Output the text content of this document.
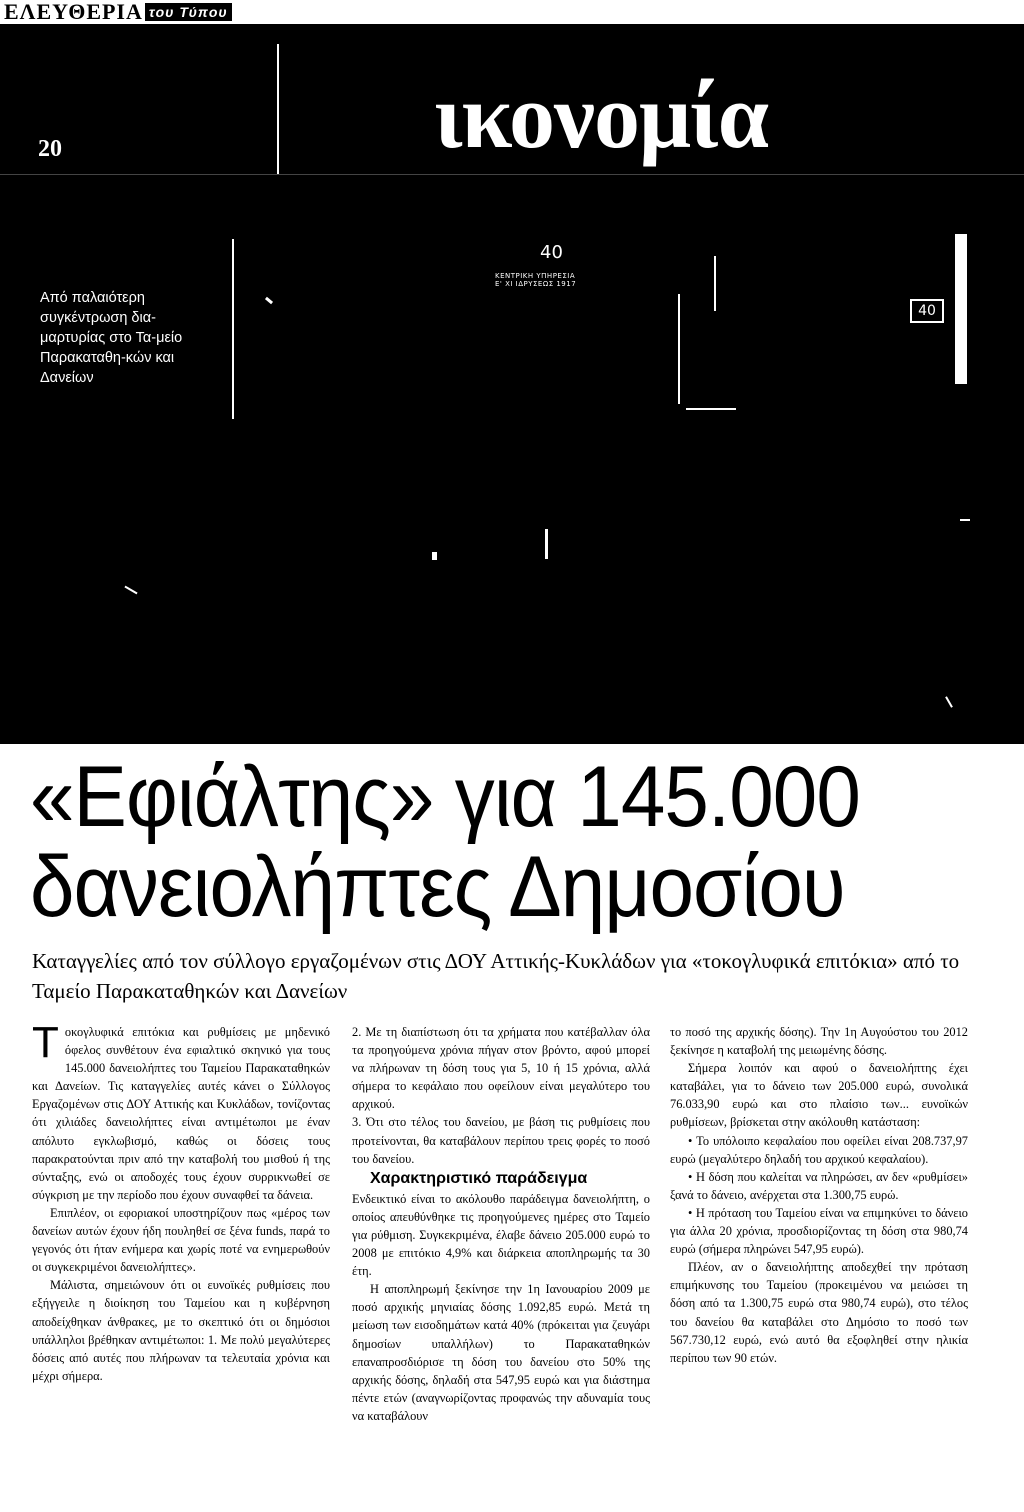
ΕΛΕΥΘΕΡΙΑ του Τύπου
20	ικονομία
Από παλαιότερη συγκέντρωση δια-μαρτυρίας στο Τα-μείο Παρακαταθη-κών και Δανείων
40
ΚΕΝΤΡΙΚΗ ΥΠΗΡΕΣΙΑ
Ε' ΧΙ ΙΔΡΥΣΕΩΣ 1917
40
«Εφιάλτης» για 145.000
δανειολήπτες Δημοσίου
Καταγγελίες από τον σύλλογο εργαζομένων στις ΔΟΥ Αττικής-Κυκλάδων για «τοκογλυφικά επιτόκια» από το Ταμείο Παρακαταθηκών και Δανείων

Τοκογλυφικά επιτόκια και ρυθμίσεις με μηδενικό όφελος συνθέτουν ένα εφιαλτικό σκηνικό για τους 145.000 δανειολήπτες του Ταμείου Παρακαταθηκών και Δανείων. Τις καταγγελίες αυτές κάνει ο Σύλλογος Εργαζομένων στις ΔΟΥ Αττικής και Κυκλάδων, τονίζοντας ότι χιλιάδες δανειολήπτες είναι αντιμέτωποι με έναν απόλυτο εγκλωβισμό, καθώς οι δόσεις τους παρακρατούνται πριν από την καταβολή του μισθού ή της σύνταξης, ενώ οι αποδοχές τους έχουν συρρικνωθεί σε σύγκριση με την περίοδο που έχουν συναφθεί τα δάνεια.

Επιπλέον, οι εφοριακοί υποστηρίζουν πως «μέρος των δανείων αυτών έχουν ήδη πουληθεί σε ξένα funds, παρά το γεγονός ότι ήταν ενήμερα και χωρίς ποτέ να ενημερωθούν οι συγκεκριμένοι δανειολήπτες».

Μάλιστα, σημειώνουν ότι οι ευνοϊκές ρυθμίσεις που εξήγγειλε η διοίκηση του Ταμείου και η κυβέρνηση αποδείχθηκαν άνθρακες, με το σκεπτικό ότι οι δημόσιοι υπάλληλοι βρέθηκαν αντιμέτωποι: 1. Με πολύ μεγαλύτερες δόσεις από αυτές που πλήρωναν τα τελευταία χρόνια και μέχρι σήμερα.

2. Με τη διαπίστωση ότι τα χρήματα που κατέβαλλαν όλα τα προηγούμενα χρόνια πήγαν στον βρόντο, αφού μπορεί να πλήρωναν τη δόση τους για 5, 10 ή 15 χρόνια, αλλά σήμερα το κεφάλαιο που οφείλουν είναι μεγαλύτερο του αρχικού.

3. Ότι στο τέλος του δανείου, με βάση τις ρυθμίσεις που προτείνονται, θα καταβάλουν περίπου τρεις φορές το ποσό του δανείου.

Χαρακτηριστικό παράδειγμα

Ενδεικτικό είναι το ακόλουθο παράδειγμα δανειολήπτη, ο οποίος απευθύνθηκε τις προηγούμενες ημέρες στο Ταμείο για ρύθμιση. Συγκεκριμένα, έλαβε δάνειο 205.000 ευρώ το 2008 με επιτόκιο 4,9% και διάρκεια αποπληρωμής τα 30 έτη.

Η αποπληρωμή ξεκίνησε την 1η Ιανουαρίου 2009 με ποσό αρχικής μηνιαίας δόσης 1.092,85 ευρώ. Μετά τη μείωση των εισοδημάτων κατά 40% (πρόκειται για ζευγάρι δημοσίων υπαλλήλων) το Παρακαταθηκών επαναπροσδιόρισε τη δόση του δανείου στο 50% της αρχικής δόσης, δηλαδή στα 547,95 ευρώ και για διάστημα πέντε ετών (αναγνωρίζοντας προφανώς την αδυναμία τους να καταβάλουν

το ποσό της αρχικής δόσης). Την 1η Αυγούστου του 2012 ξεκίνησε η καταβολή της μειωμένης δόσης.

Σήμερα λοιπόν και αφού ο δανειολήπτης έχει καταβάλει, για το δάνειο των 205.000 ευρώ, συνολικά 76.033,90 ευρώ και στο πλαίσιο των... ευνοϊκών ρυθμίσεων, βρίσκεται στην ακόλουθη κατάσταση:

• Το υπόλοιπο κεφαλαίου που οφείλει είναι 208.737,97 ευρώ (μεγαλύτερο δηλαδή του αρχικού κεφαλαίου).

• Η δόση που καλείται να πληρώσει, αν δεν «ρυθμίσει» ξανά το δάνειο, ανέρχεται στα 1.300,75 ευρώ.

• Η πρόταση του Ταμείου είναι να επιμηκύνει το δάνειο για άλλα 20 χρόνια, προσδιορίζοντας τη δόση στα 980,74 ευρώ (σήμερα πληρώνει 547,95 ευρώ).

Πλέον, αν ο δανειολήπτης αποδεχθεί την πρόταση επιμήκυνσης του Ταμείου (προκειμένου να μειώσει τη δόση από τα 1.300,75 ευρώ στα 980,74 ευρώ), στο τέλος του δανείου θα καταβάλει στο Δημόσιο το ποσό των 567.730,12 ευρώ, ενώ αυτό θα εξοφληθεί στην ηλικία περίπου των 90 ετών.
